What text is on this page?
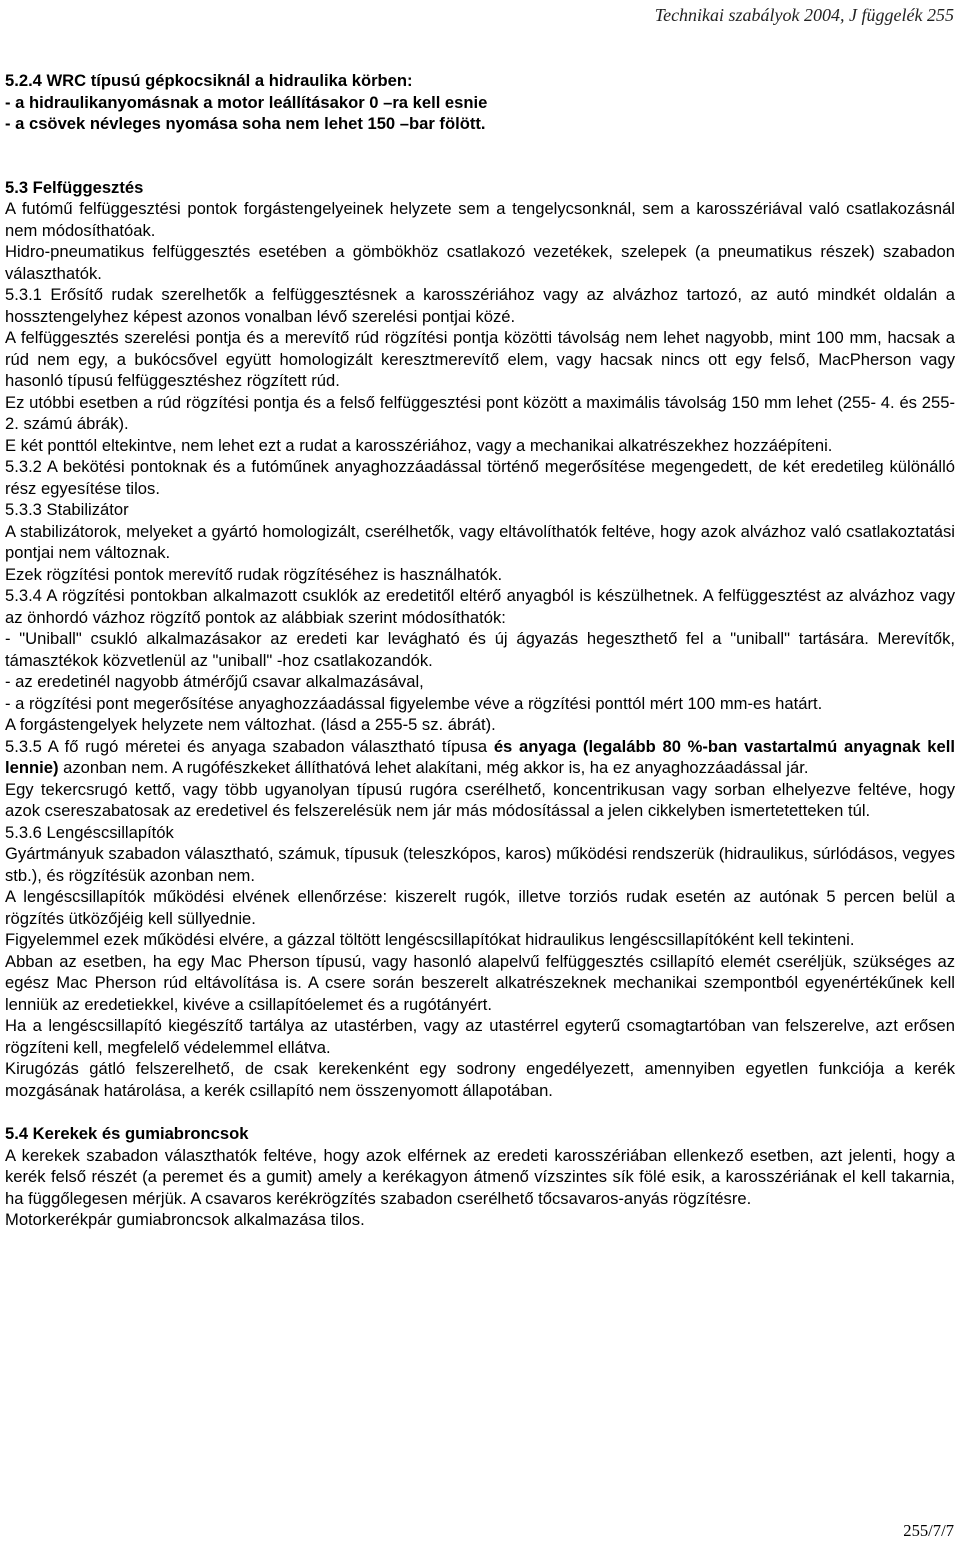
Technikai szabályok 2004, J függelék 255
5.2.4 WRC típusú gépkocsiknál a hidraulika körben:
- a hidraulikanyomásnak a motor leállításakor 0 –ra kell esnie
- a csövek névleges nyomása soha nem lehet 150 –bar fölött.
5.3 Felfüggesztés
A futómű felfüggesztési pontok forgástengelyeinek helyzete sem a tengelycsonknál, sem a karosszériával való csatlakozásnál nem módosíthatóak.
Hidro-pneumatikus felfüggesztés esetében a gömbökhöz csatlakozó vezetékek, szelepek (a pneumatikus részek) szabadon választhatók.
5.3.1 Erősítő rudak szerelhetők a felfüggesztésnek a karosszériához vagy az alvázhoz tartozó, az autó mindkét oldalán a hossztengelyhez képest azonos vonalban lévő szerelési pontjai közé.
A felfüggesztés szerelési pontja és a merevítő rúd rögzítési pontja közötti távolság nem lehet nagyobb, mint 100 mm, hacsak a rúd nem egy, a bukócsővel együtt homologizált keresztmerevítő elem, vagy hacsak nincs ott egy felső, MacPherson vagy hasonló típusú felfüggesztéshez rögzített rúd.
Ez utóbbi esetben a rúd rögzítési pontja és a felső felfüggesztési pont között a maximális távolság 150 mm lehet (255- 4. és 255-2. számú ábrák).
E két ponttól eltekintve, nem lehet ezt a rudat a karosszériához, vagy a mechanikai alkatrészekhez hozzáépíteni.
5.3.2 A bekötési pontoknak és a futóműnek anyaghozzáadással történő megerősítése megengedett, de két eredetileg különálló rész egyesítése tilos.
5.3.3 Stabilizátor
A stabilizátorok, melyeket a gyártó homologizált, cserélhetők, vagy eltávolíthatók feltéve, hogy azok alvázhoz való csatlakoztatási pontjai nem változnak.
Ezek rögzítési pontok merevítő rudak rögzítéséhez is használhatók.
5.3.4 A rögzítési pontokban alkalmazott csuklók az eredetitől eltérő anyagból is készülhetnek. A felfüggesztést az alvázhoz vagy az önhordó vázhoz rögzítő pontok az alábbiak szerint módosíthatók:
- "Uniball" csukló alkalmazásakor az eredeti kar levágható és új ágyazás hegeszthető fel a "uniball" tartására. Merevítők, támasztékok közvetlenül az "uniball" -hoz csatlakozandók.
- az eredetinél nagyobb átmérőjű csavar alkalmazásával,
- a rögzítési pont megerősítése anyaghozzáadással figyelembe véve a rögzítési ponttól mért 100 mm-es határt.
A forgástengelyek helyzete nem változhat. (lásd a 255-5 sz. ábrát).
5.3.5 A fő rugó méretei és anyaga szabadon választható típusa és anyaga (legalább 80 %-ban vastartalmú anyagnak kell lennie) azonban nem. A rugófészkeket állíthatóvá lehet alakítani, még akkor is, ha ez anyaghozzáadással jár.
Egy tekercsrugó kettő, vagy több ugyanolyan típusú rugóra cserélhető, koncentrikusan vagy sorban elhelyezve feltéve, hogy azok csereszabatosak az eredetivel és felszerelésük nem jár más módosítással a jelen cikkelyben ismertetetteken túl.
5.3.6 Lengéscsillapítók
Gyártmányuk szabadon választható, számuk, típusuk (teleszkópos, karos) működési rendszerük (hidraulikus, súrlódásos, vegyes stb.), és rögzítésük azonban nem.
A lengéscsillapítók működési elvének ellenőrzése: kiszerelt rugók, illetve torziós rudak esetén az autónak 5 percen belül a rögzítés ütközőjéig kell süllyednie.
Figyelemmel ezek működési elvére, a gázzal töltött lengéscsillapítókat hidraulikus lengéscsillapítóként kell tekinteni.
Abban az esetben, ha egy Mac Pherson típusú, vagy hasonló alapelvű felfüggesztés csillapító elemét cseréljük, szükséges az egész Mac Pherson rúd eltávolítása is. A csere során beszerelt alkatrészeknek mechanikai szempontból egyenértékűnek kell lenniük az eredetiekkel, kivéve a csillapítóelemet és a rugótányért.
Ha a lengéscsillapító kiegészítő tartálya az utastérben, vagy az utastérrel egyterű csomagtartóban van felszerelve, azt erősen rögzíteni kell, megfelelő védelemmel ellátva.
Kirugózás gátló felszerelhető, de csak kerekenként egy sodrony engedélyezett, amennyiben egyetlen funkciója a kerék mozgásának határolása, a kerék csillapító nem összenyomott állapotában.
5.4 Kerekek és gumiabroncsok
A kerekek szabadon választhatók feltéve, hogy azok elférnek az eredeti karosszériában ellenkező esetben, azt jelenti, hogy a kerék felső részét (a peremet és a gumit) amely a kerékagyon átmenő vízszintes sík fölé esik, a karosszériának el kell takarnia, ha függőlegesen mérjük. A csavaros kerékrögzítés szabadon cserélhető tőcsavaros-anyás rögzítésre.
Motorkerékpár gumiabroncsok alkalmazása tilos.
255/7/7
